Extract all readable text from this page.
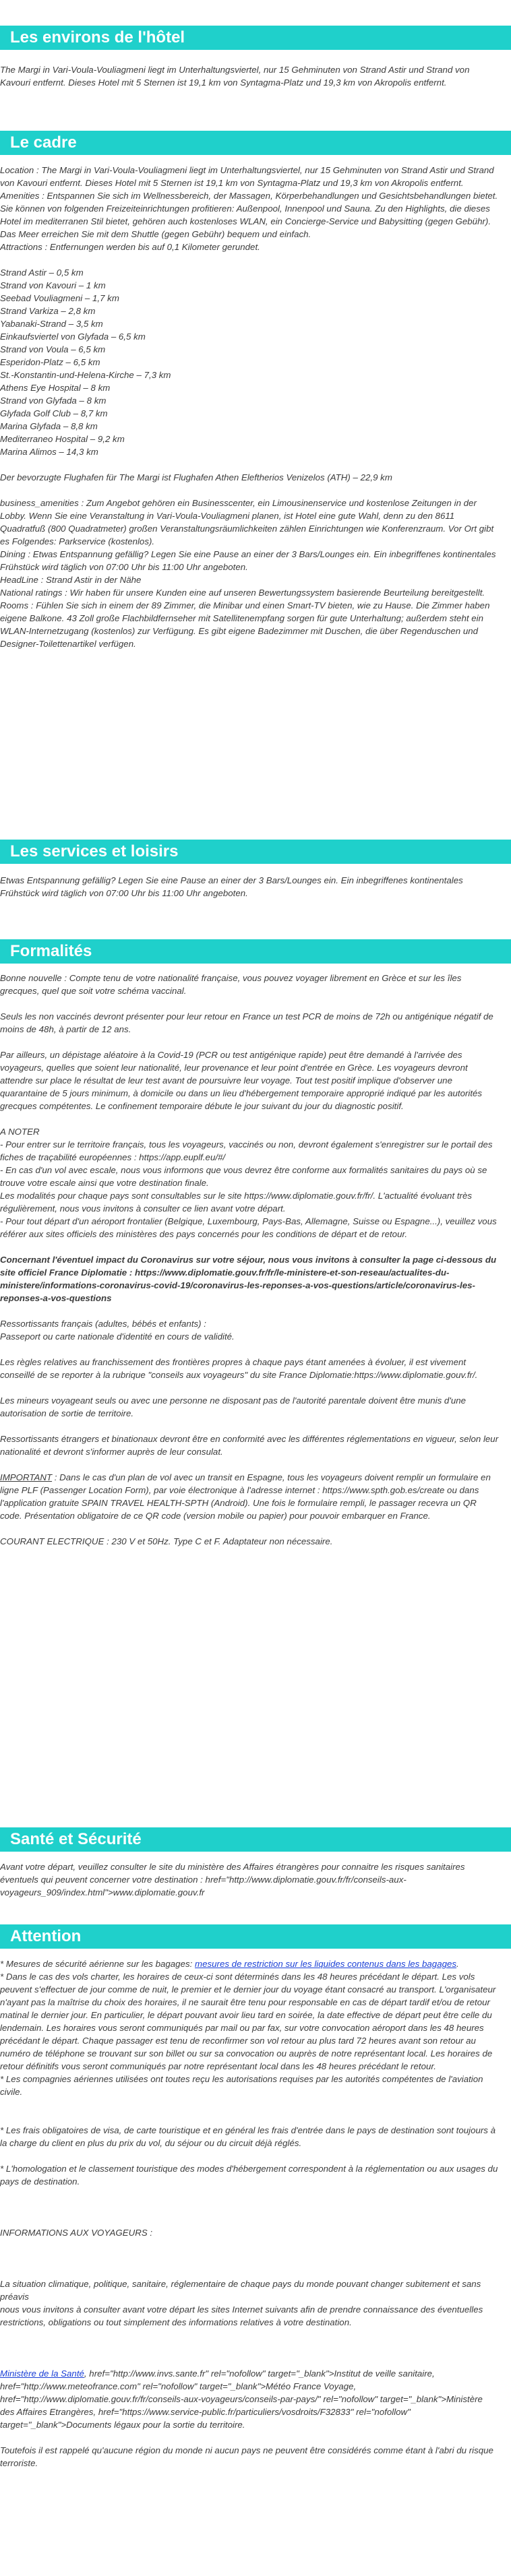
Les environs de l'hôtel

The Margi in Vari-Voula-Vouliagmeni liegt im Unterhaltungsviertel, nur 15 Gehminuten von Strand Astir und Strand von Kavouri entfernt. Dieses Hotel mit 5 Sternen ist 19,1 km von Syntagma-Platz und 19,3 km von Akropolis entfernt.

Le cadre
Location : The Margi in Vari-Voula-Vouliagmeni liegt im Unterhaltungsviertel, nur 15 Gehminuten von Strand Astir und Strand von Kavouri entfernt. Dieses Hotel mit 5 Sternen ist 19,1 km von Syntagma-Platz und 19,3 km von Akropolis entfernt.
Amenities : Entspannen Sie sich im Wellnessbereich, der Massagen, Körperbehandlungen und Gesichtsbehandlungen bietet. Sie können von folgenden Freizeiteinrichtungen profitieren: Außenpool, Innenpool und Sauna. Zu den Highlights, die dieses Hotel im mediterranen Stil bietet, gehören auch kostenloses WLAN, ein Concierge-Service und Babysitting (gegen Gebühr). Das Meer erreichen Sie mit dem Shuttle (gegen Gebühr) bequem und einfach.
Attractions : Entfernungen werden bis auf 0,1 Kilometer gerundet.
Strand Astir – 0,5 km
Strand von Kavouri – 1 km
Seebad Vouliagmeni – 1,7 km
Strand Varkiza – 2,8 km
Yabanaki-Strand – 3,5 km
Einkaufsviertel von Glyfada – 6,5 km
Strand von Voula – 6,5 km
Esperidon-Platz – 6,5 km
St.-Konstantin-und-Helena-Kirche – 7,3 km
Athens Eye Hospital – 8 km
Strand von Glyfada – 8 km
Glyfada Golf Club – 8,7 km
Marina Glyfada – 8,8 km
Mediterraneo Hospital – 9,2 km
Marina Alimos – 14,3 km
Der bevorzugte Flughafen für The Margi ist Flughafen Athen Eleftherios Venizelos (ATH) – 22,9 km
business_amenities : Zum Angebot gehören ein Businesscenter, ein Limousinenservice und kostenlose Zeitungen in der Lobby. Wenn Sie eine Veranstaltung in Vari-Voula-Vouliagmeni planen, ist Hotel eine gute Wahl, denn zu den 8611 Quadratfuß (800 Quadratmeter) großen Veranstaltungsräumlichkeiten zählen Einrichtungen wie Konferenzraum. Vor Ort gibt es Folgendes: Parkservice (kostenlos).
Dining : Etwas Entspannung gefällig? Legen Sie eine Pause an einer der 3 Bars/Lounges ein. Ein inbegriffenes kontinentales Frühstück wird täglich von 07:00 Uhr bis 11:00 Uhr angeboten.
HeadLine : Strand Astir in der Nähe
National ratings : Wir haben für unsere Kunden eine auf unseren Bewertungssystem basierende Beurteilung bereitgestellt.
Rooms : Fühlen Sie sich in einem der 89 Zimmer, die Minibar und einen Smart-TV bieten, wie zu Hause. Die Zimmer haben eigene Balkone. 43 Zoll große Flachbildfernseher mit Satellitenempfang sorgen für gute Unterhaltung; außerdem steht ein WLAN-Internetzugang (kostenlos) zur Verfügung. Es gibt eigene Badezimmer mit Duschen, die über Regenduschen und Designer-Toilettenartikel verfügen.
Les services et loisirs

Etwas Entspannung gefällig? Legen Sie eine Pause an einer der 3 Bars/Lounges ein. Ein inbegriffenes kontinentales Frühstück wird täglich von 07:00 Uhr bis 11:00 Uhr angeboten.

Formalités

Bonne nouvelle : Compte tenu de votre nationalité française, vous pouvez voyager librement en Grèce et sur les îles grecques, quel que soit votre schéma vaccinal.

Seuls les non vaccinés devront présenter pour leur retour en France un test PCR de moins de 72h ou antigénique négatif de moins de 48h, à partir de 12 ans.

Par ailleurs, un dépistage aléatoire à la Covid-19 (PCR ou test antigénique rapide) peut être demandé à l'arrivée des voyageurs, quelles que soient leur nationalité, leur provenance et leur point d'entrée en Grèce. Les voyageurs devront attendre sur place le résultat de leur test avant de poursuivre leur voyage. Tout test positif implique d'observer une quarantaine de 5 jours minimum, à domicile ou dans un lieu d'hébergement temporaire approprié indiqué par les autorités grecques compétentes. Le confinement temporaire débute le jour suivant du jour du diagnostic positif.

A NOTER
- Pour entrer sur le territoire français, tous les voyageurs, vaccinés ou non, devront également s'enregistrer sur le portail des fiches de traçabilité européennes : https://app.euplf.eu/#/
- En cas d'un vol avec escale, nous vous informons que vous devrez être conforme aux formalités sanitaires du pays où se trouve votre escale ainsi que votre destination finale.
Les modalités pour chaque pays sont consultables sur le site https://www.diplomatie.gouv.fr/fr/. L'actualité évoluant très régulièrement, nous vous invitons à consulter ce lien avant votre départ.
- Pour tout départ d'un aéroport frontalier (Belgique, Luxembourg, Pays-Bas, Allemagne, Suisse ou Espagne...), veuillez vous référer aux sites officiels des ministères des pays concernés pour les conditions de départ et de retour.

Concernant l'éventuel impact du Coronavirus sur votre séjour, nous vous invitons à consulter la page ci-dessous du site officiel France Diplomatie : https://www.diplomatie.gouv.fr/fr/le-ministere-et-son-reseau/actualites-du-ministere/informations-coronavirus-covid-19/coronavirus-les-reponses-a-vos-questions/article/coronavirus-les-reponses-a-vos-questions

Ressortissants français (adultes, bébés et enfants) :
Passeport ou carte nationale d'identité en cours de validité.

Les règles relatives au franchissement des frontières propres à chaque pays étant amenées à évoluer, il est vivement conseillé de se reporter à la rubrique "conseils aux voyageurs" du site France Diplomatie:https://www.diplomatie.gouv.fr/.

Les mineurs voyageant seuls ou avec une personne ne disposant pas de l'autorité parentale doivent être munis d'une autorisation de sortie de territoire.

Ressortissants étrangers et binationaux devront être en conformité avec les différentes réglementations en vigueur, selon leur nationalité et devront s'informer auprès de leur consulat.

IMPORTANT : Dans le cas d'un plan de vol avec un transit en Espagne, tous les voyageurs doivent remplir un formulaire en ligne PLF (Passenger Location Form), par voie électronique à l'adresse internet : https://www.spth.gob.es/create ou dans l'application gratuite SPAIN TRAVEL HEALTH-SPTH (Android). Une fois le formulaire rempli, le passager recevra un QR code. Présentation obligatoire de ce QR code (version mobile ou papier) pour pouvoir embarquer en France.

COURANT ELECTRIQUE : 230 V et 50Hz. Type C et F. Adaptateur non nécessaire.

Santé et Sécurité

Avant votre départ, veuillez consulter le site du ministère des Affaires étrangères pour connaitre les risques sanitaires éventuels qui peuvent concerner votre destination : href="http://www.diplomatie.gouv.fr/fr/conseils-aux-voyageurs_909/index.html">www.diplomatie.gouv.fr

Attention
* Mesures de sécurité aérienne sur les bagages: mesures de restriction sur les liquides contenus dans les bagages.
* Dans le cas des vols charter, les horaires de ceux-ci sont déterminés dans les 48 heures précédant le départ. Les vols peuvent s'effectuer de jour comme de nuit, le premier et le dernier jour du voyage étant consacré au transport. L'organisateur n'ayant pas la maîtrise du choix des horaires, il ne saurait être tenu pour responsable en cas de départ tardif et/ou de retour matinal le dernier jour. En particulier, le départ pouvant avoir lieu tard en soirée, la date effective de départ peut être celle du lendemain. Les horaires vous seront communiqués par mail ou par fax, sur votre convocation aéroport dans les 48 heures précédant le départ. Chaque passager est tenu de reconfirmer son vol retour au plus tard 72 heures avant son retour au numéro de téléphone se trouvant sur son billet ou sur sa convocation ou auprès de notre représentant local. Les horaires de retour définitifs vous seront communiqués par notre représentant local dans les 48 heures précédant le retour.
* Les compagnies aériennes utilisées ont toutes reçu les autorisations requises par les autorités compétentes de l'aviation civile.

* Les frais obligatoires de visa, de carte touristique et en général les frais d'entrée dans le pays de destination sont toujours à la charge du client en plus du prix du vol, du séjour ou du circuit déjà réglés.

* L'homologation et le classement touristique des modes d'hébergement correspondent à la réglementation ou aux usages du pays de destination.

INFORMATIONS AUX VOYAGEURS :
La situation climatique, politique, sanitaire, réglementaire de chaque pays du monde pouvant changer subitement et sans préavis
nous vous invitons à consulter avant votre départ les sites Internet suivants afin de prendre connaissance des éventuelles restrictions, obligations ou tout simplement des informations relatives à votre destination.

Ministère de la Santé, href="http://www.invs.sante.fr" rel="nofollow" target="_blank">Institut de veille sanitaire, href="http://www.meteofrance.com" rel="nofollow" target="_blank">Météo France Voyage, href="http://www.diplomatie.gouv.fr/fr/conseils-aux-voyageurs/conseils-par-pays/" rel="nofollow" target="_blank">Ministère des Affaires Etrangères, href="https://www.service-public.fr/particuliers/vosdroits/F32833" rel="nofollow" target="_blank">Documents légaux pour la sortie du territoire.

Toutefois il est rappelé qu'aucune région du monde ni aucun pays ne peuvent être considérés comme étant à l'abri du risque terroriste.
